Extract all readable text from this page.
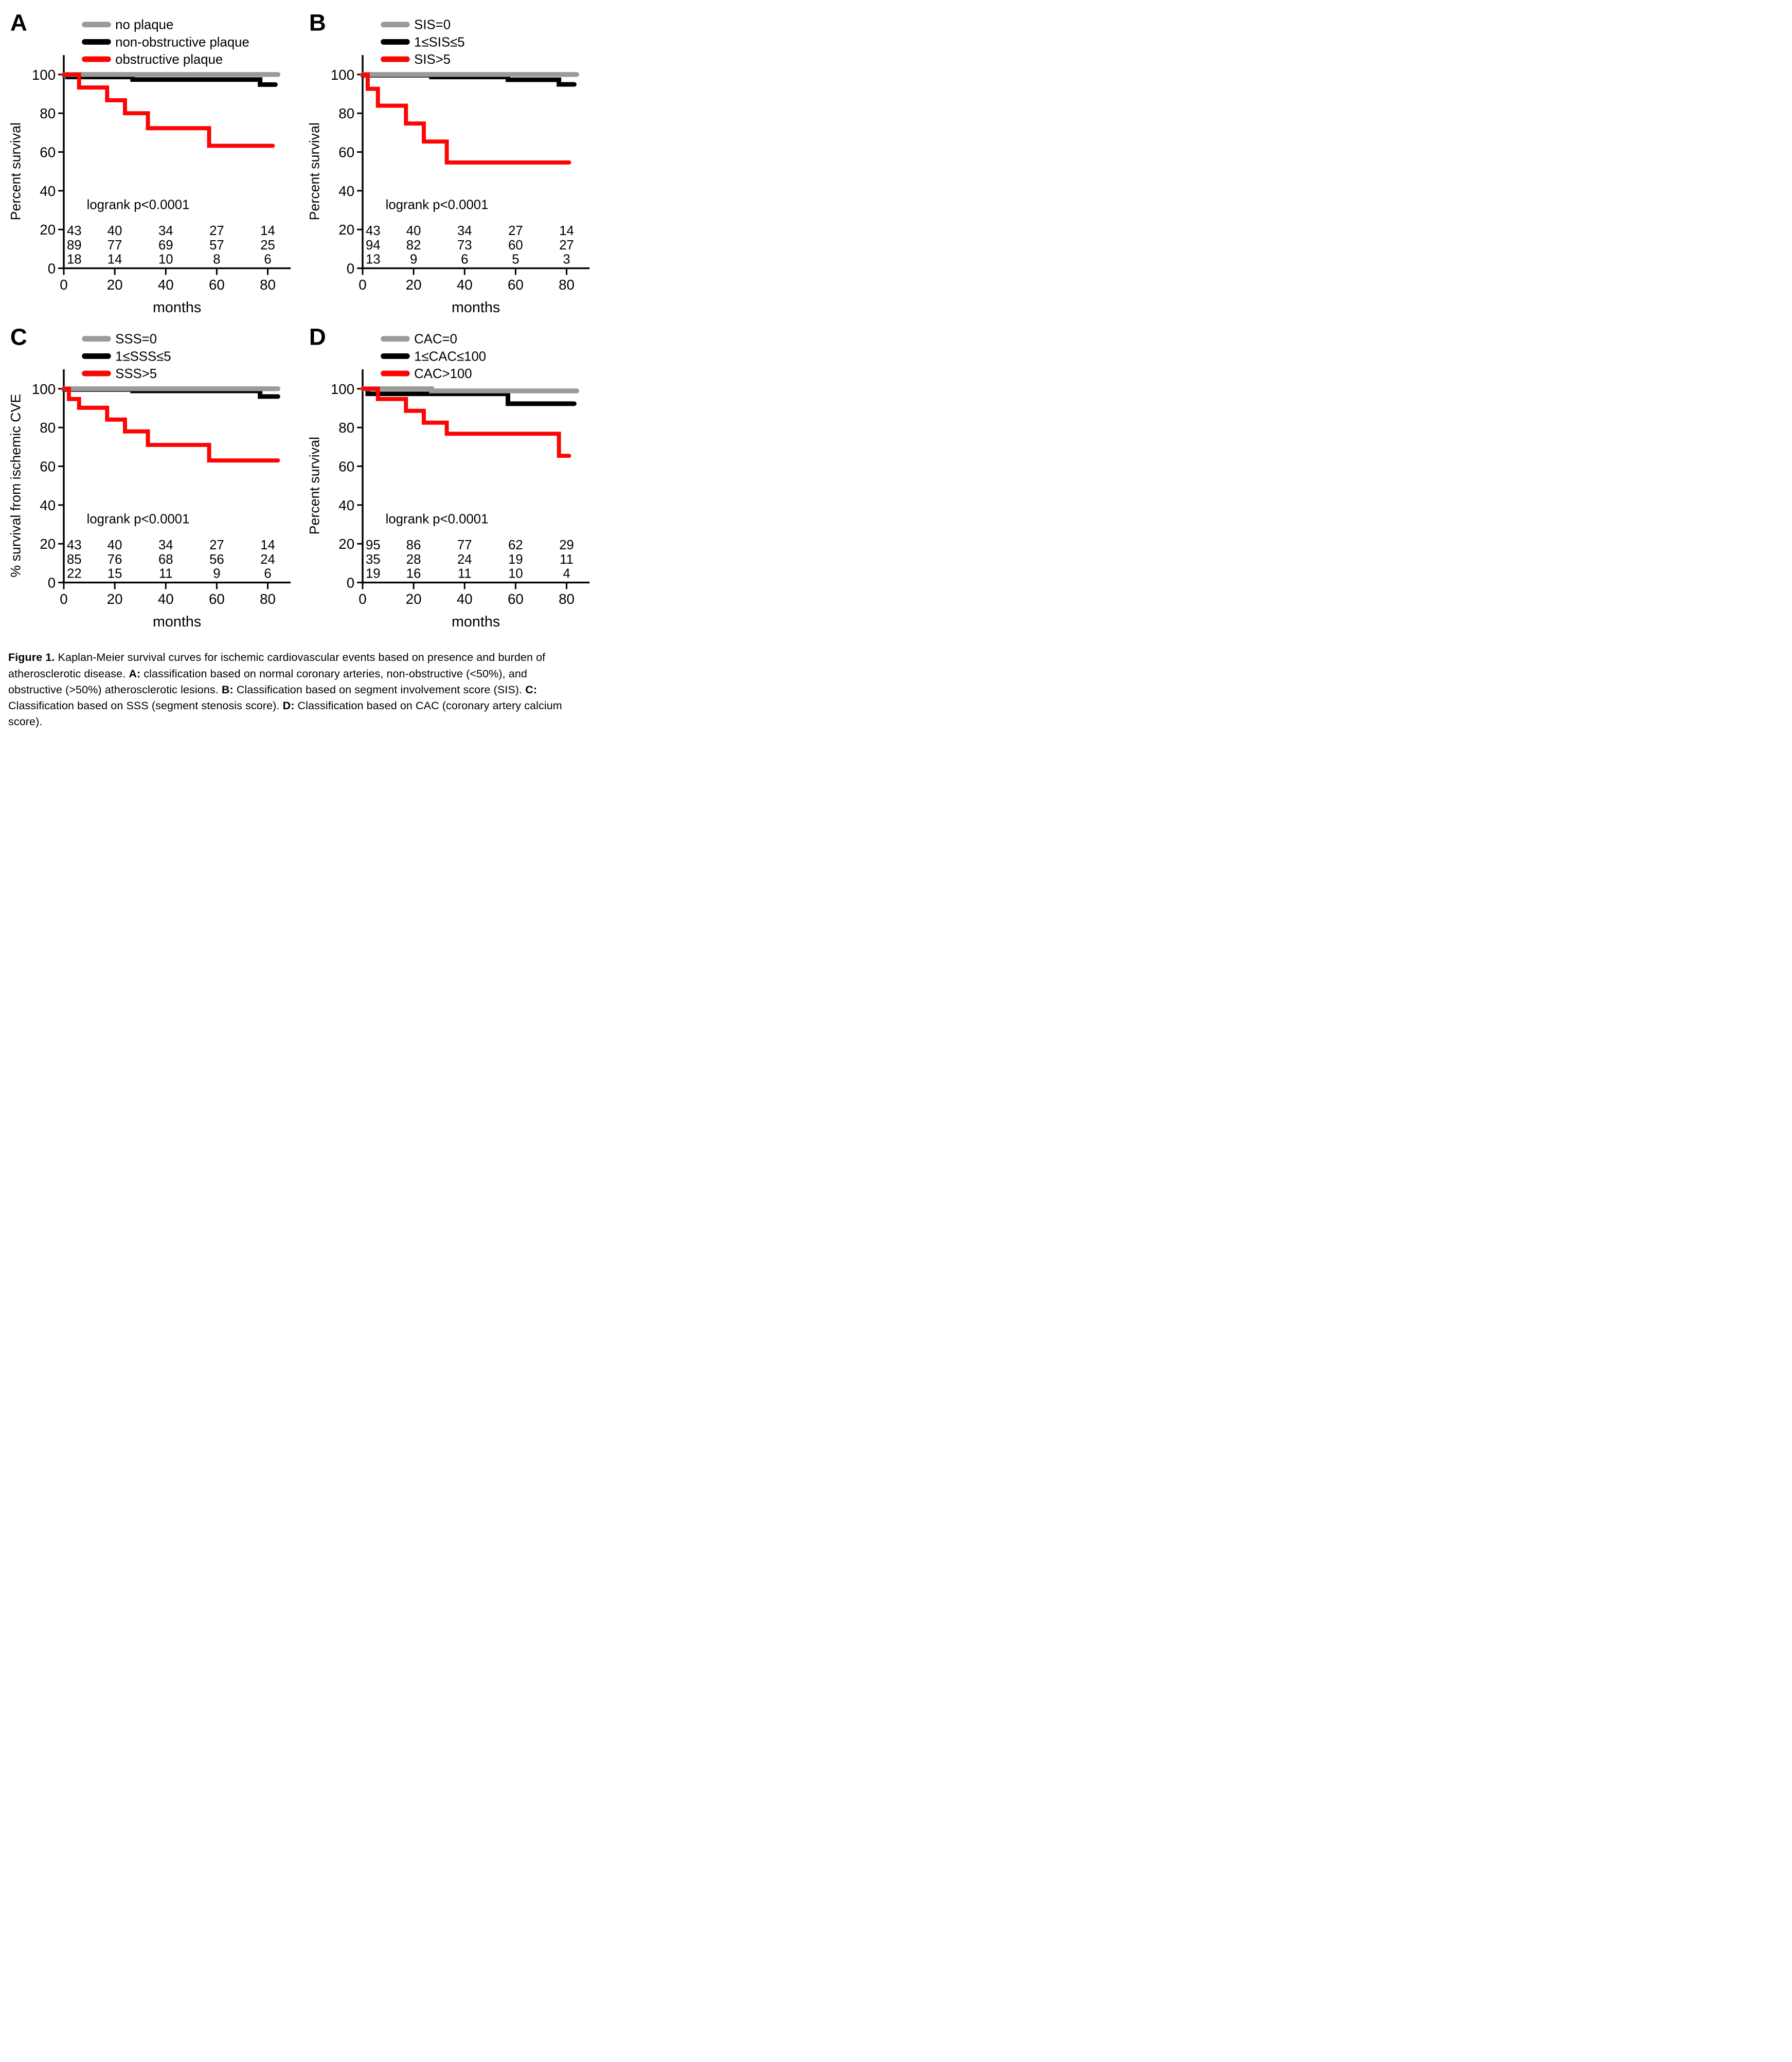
A	no plaque
non-obstructive plaque
obstructive plaque
0
20
40
60
80
100
0	20 40 60 80
Percent survival
months
logrank p<0.0001
43 40	34	27	14
89 77	69	57	25
18 14	10	8	6
B	SIS=0
1≤SIS≤5
SIS>5
0
20
40
60
80
100
0	20 40 60 80
Percent survival
months
logrank p<0.0001
43 40	34	27	14
94 82	73	60	27
13 9	6	5	3
C	SSS=0
1≤SSS≤5
SSS>5
0
20
40
60
80
100
0	20 40 60 80
% survival from ischemic CVE
months
logrank p<0.0001
43 40	34	27	14
85 76	68	56	24
22 15	11	9	6
D	CAC=0
1≤CAC≤100
CAC>100
0
20
40
60
80
100
0	20 40 60 80
Percent survival
months
logrank p<0.0001
95 86	77	62	29
35 28	24	19	11
19 16	11	10	4
Figure 1. Kaplan-Meier survival curves for ischemic cardiovascular events based on presence and burden of atherosclerotic disease. A: classification based on normal coronary arteries, non-obstructive (<50%), and obstructive (>50%) atherosclerotic lesions. B: Classification based on segment involvement score (SIS). C: Classification based on SSS (segment stenosis score). D: Classification based on CAC (coronary artery calcium score).
